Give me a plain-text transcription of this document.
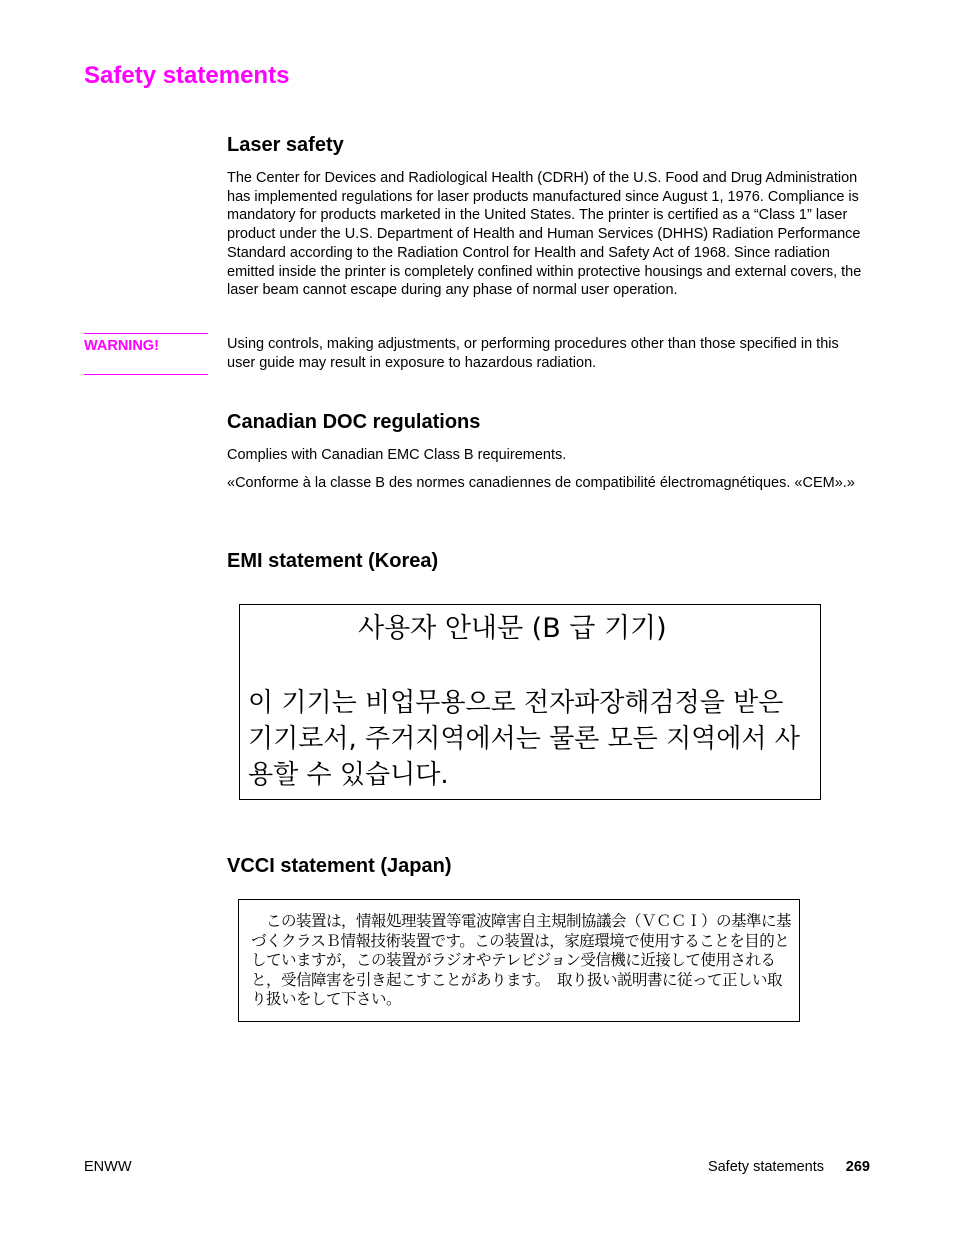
Safety statements
Laser safety

The Center for Devices and Radiological Health (CDRH) of the U.S. Food and Drug Administration has implemented regulations for laser products manufactured since August 1, 1976. Compliance is mandatory for products marketed in the United States. The printer is certified as a “Class 1” laser product under the U.S. Department of Health and Human Services (DHHS) Radiation Performance Standard according to the Radiation Control for Health and Safety Act of 1968. Since radiation emitted inside the printer is completely confined within protective housings and external covers, the laser beam cannot escape during any phase of normal user operation.

WARNING!	Using controls, making adjustments, or performing procedures other than those specified in this user guide may result in exposure to hazardous radiation.

Canadian DOC regulations

Complies with Canadian EMC Class B requirements.

«Conforme à la classe B des normes canadiennes de compatibilité électromagnétiques. «CEM».»

EMI statement (Korea)
사용자 안내문 (B 급 기기)

이 기기는 비업무용으로 전자파장해검정을 받은 기기로서, 주거지역에서는 물론 모든 지역에서 사용할 수 있습니다.

VCCI statement (Japan)

　この装置は，情報処理装置等電波障害自主規制協議会（ＶＣＣＩ）の基準に基づくクラスＢ情報技術装置です。この装置は，家庭環境で使用することを目的としていますが，この装置がラジオやテレビジョン受信機に近接して使用されると，受信障害を引き起こすことがあります。　取り扱い説明書に従って正しい取り扱いをして下さい。

ENWW	Safety statements 269
